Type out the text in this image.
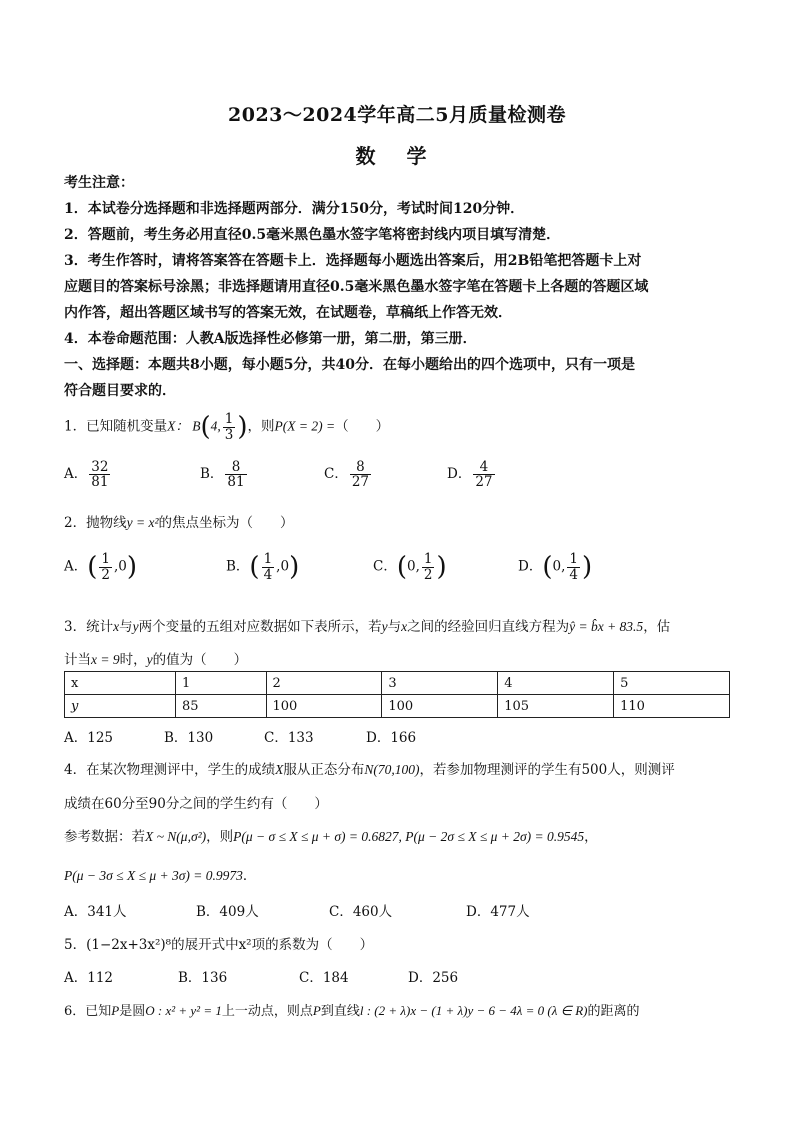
2023～2024学年高二5月质量检测卷
数 学
考生注意：
1．本试卷分选择题和非选择题两部分．满分150分，考试时间120分钟．
2．答题前，考生务必用直径0.5毫米黑色墨水签字笔将密封线内项目填写清楚．
3．考生作答时，请将答案答在答题卡上．选择题每小题选出答案后，用2B铅笔把答题卡上对
应题目的答案标号涂黑；非选择题请用直径0.5毫米黑色墨水签字笔在答题卡上各题的答题区域
内作答，超出答题区域书写的答案无效，在试题卷，草稿纸上作答无效．
4．本卷命题范围：人教A版选择性必修第一册，第二册，第三册．
一、选择题：本题共8小题，每小题5分，共40分．在每小题给出的四个选项中，只有一项是
符合题目要求的．
1．已知随机变量X： B(4, $\frac{1}{3}$ )，则P(X = 2) =（　　）
A． $\frac{32}{81}$	B． $\frac{8}{81}$	C． $\frac{8}{27}$	D． $\frac{4}{27}$
2．抛物线y = x²的焦点坐标为（　　）
A．( $\frac{1}{2} ,0$)	B．( $\frac{1}{4} ,0$)	C．(0, $\frac{1}{2}$ )	D．(0, $\frac{1}{4}$ )
3．统计x与y两个变量的五组对应数据如下表所示，若y与x之间的经验回归直线方程为ŷ = b̂x + 83.5，估
计当x = 9时，y的值为（　　）
x	1	2	3	4	5
y	85	100	100	105	110
A．125	B．130	C．133	D．166
4．在某次物理测评中，学生的成绩X服从正态分布N(70,100)，若参加物理测评的学生有500人，则测评
成绩在60分至90分之间的学生约有（　　）
参考数据：若X ~ N(μ,σ²)，则P(μ − σ ≤ X ≤ μ + σ) = 0.6827, P(μ − 2σ ≤ X ≤ μ + 2σ) = 0.9545，
P(μ − 3σ ≤ X ≤ μ + 3σ) = 0.9973．
A．341人	B．409人	C．460人	D．477人
5．(1−2x+3x²)⁸的展开式中x²项的系数为（　　）
A．112	B．136	C．184	D．256
6．已知P是圆O : x² + y² = 1上一动点，则点P到直线l : (2 + λ)x − (1 + λ)y − 6 − 4λ = 0 (λ ∈ R)的距离的
